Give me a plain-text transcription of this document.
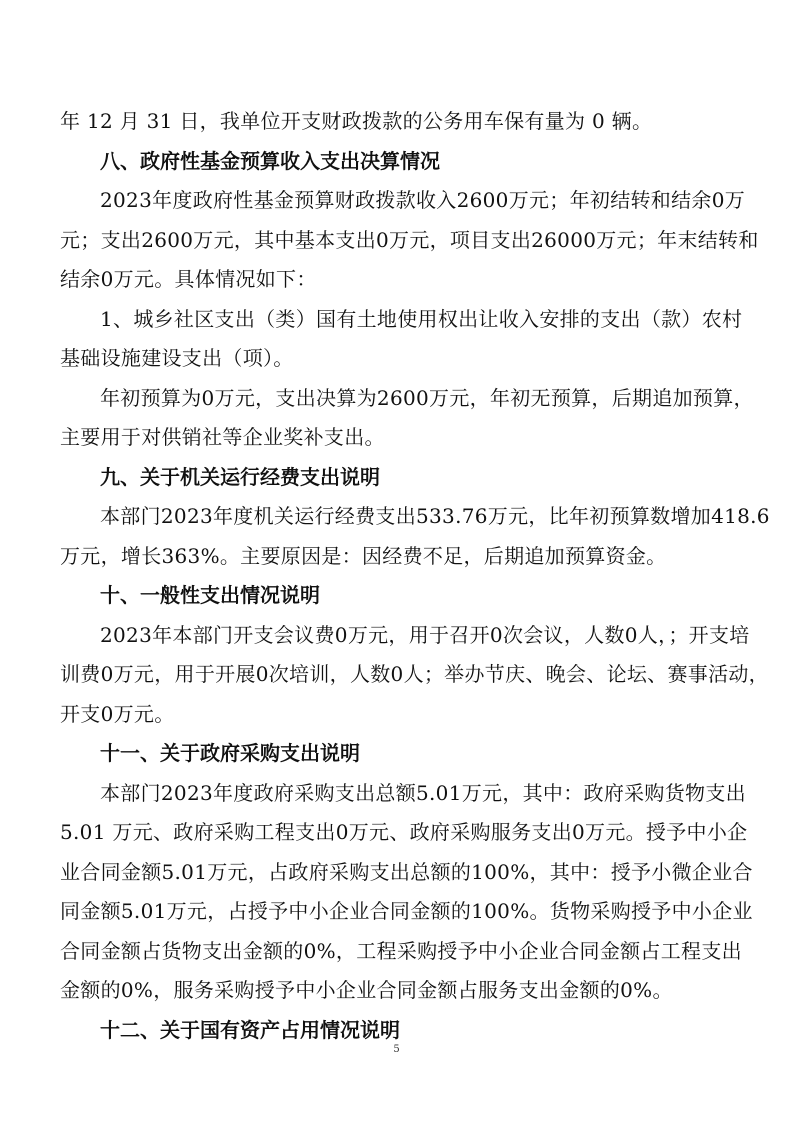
年 12 月 31 日，我单位开支财政拨款的公务用车保有量为 0 辆。

八、政府性基金预算收入支出决算情况

2023年度政府性基金预算财政拨款收入2600万元；年初结转和结余0万

元；支出2600万元，其中基本支出0万元，项目支出26000万元；年末结转和

结余0万元。具体情况如下：

1、城乡社区支出（类）国有土地使用权出让收入安排的支出（款）农村

基础设施建设支出（项）。

年初预算为0万元，支出决算为2600万元，年初无预算，后期追加预算，

主要用于对供销社等企业奖补支出。

九、关于机关运行经费支出说明

本部门2023年度机关运行经费支出533.76万元，比年初预算数增加418.6

万元，增长363%。主要原因是：因经费不足，后期追加预算资金。

十、一般性支出情况说明

2023年本部门开支会议费0万元，用于召开0次会议，人数0人，；开支培

训费0万元，用于开展0次培训，人数0人；举办节庆、晚会、论坛、赛事活动，

开支0万元。

十一、关于政府采购支出说明

本部门2023年度政府采购支出总额5.01万元，其中：政府采购货物支出

5.01 万元、政府采购工程支出0万元、政府采购服务支出0万元。授予中小企

业合同金额5.01万元，占政府采购支出总额的100%，其中：授予小微企业合

同金额5.01万元，占授予中小企业合同金额的100%。货物采购授予中小企业

合同金额占货物支出金额的0%，工程采购授予中小企业合同金额占工程支出

金额的0%，服务采购授予中小企业合同金额占服务支出金额的0%。

十二、关于国有资产占用情况说明

5
